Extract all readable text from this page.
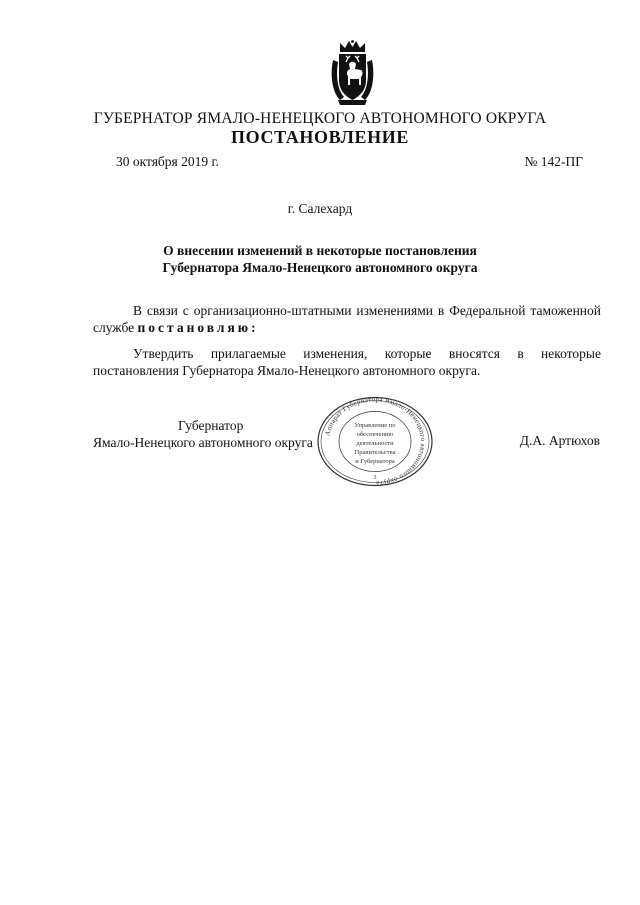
ГУБЕРНАТОР ЯМАЛО-НЕНЕЦКОГО АВТОНОМНОГО ОКРУГА
ПОСТАНОВЛЕНИЕ
30 октября 2019 г.	№ 142-ПГ
г. Салехард
О внесении изменений в некоторые постановления
Губернатора Ямало-Ненецкого автономного округа
В связи с организационно-штатными изменениями в Федеральной таможенной службе постановляю:
Утвердить прилагаемые изменения, которые вносятся в некоторые постановления Губернатора Ямало-Ненецкого автономного округа.
Губернатор
Ямало-Ненецкого автономного округа
Аппарат Губернатора Ямало-Ненецкого автономного округа
Управление по
обеспечению
деятельности
Правительства
и Губернатора
3
Д.А. Артюхов
